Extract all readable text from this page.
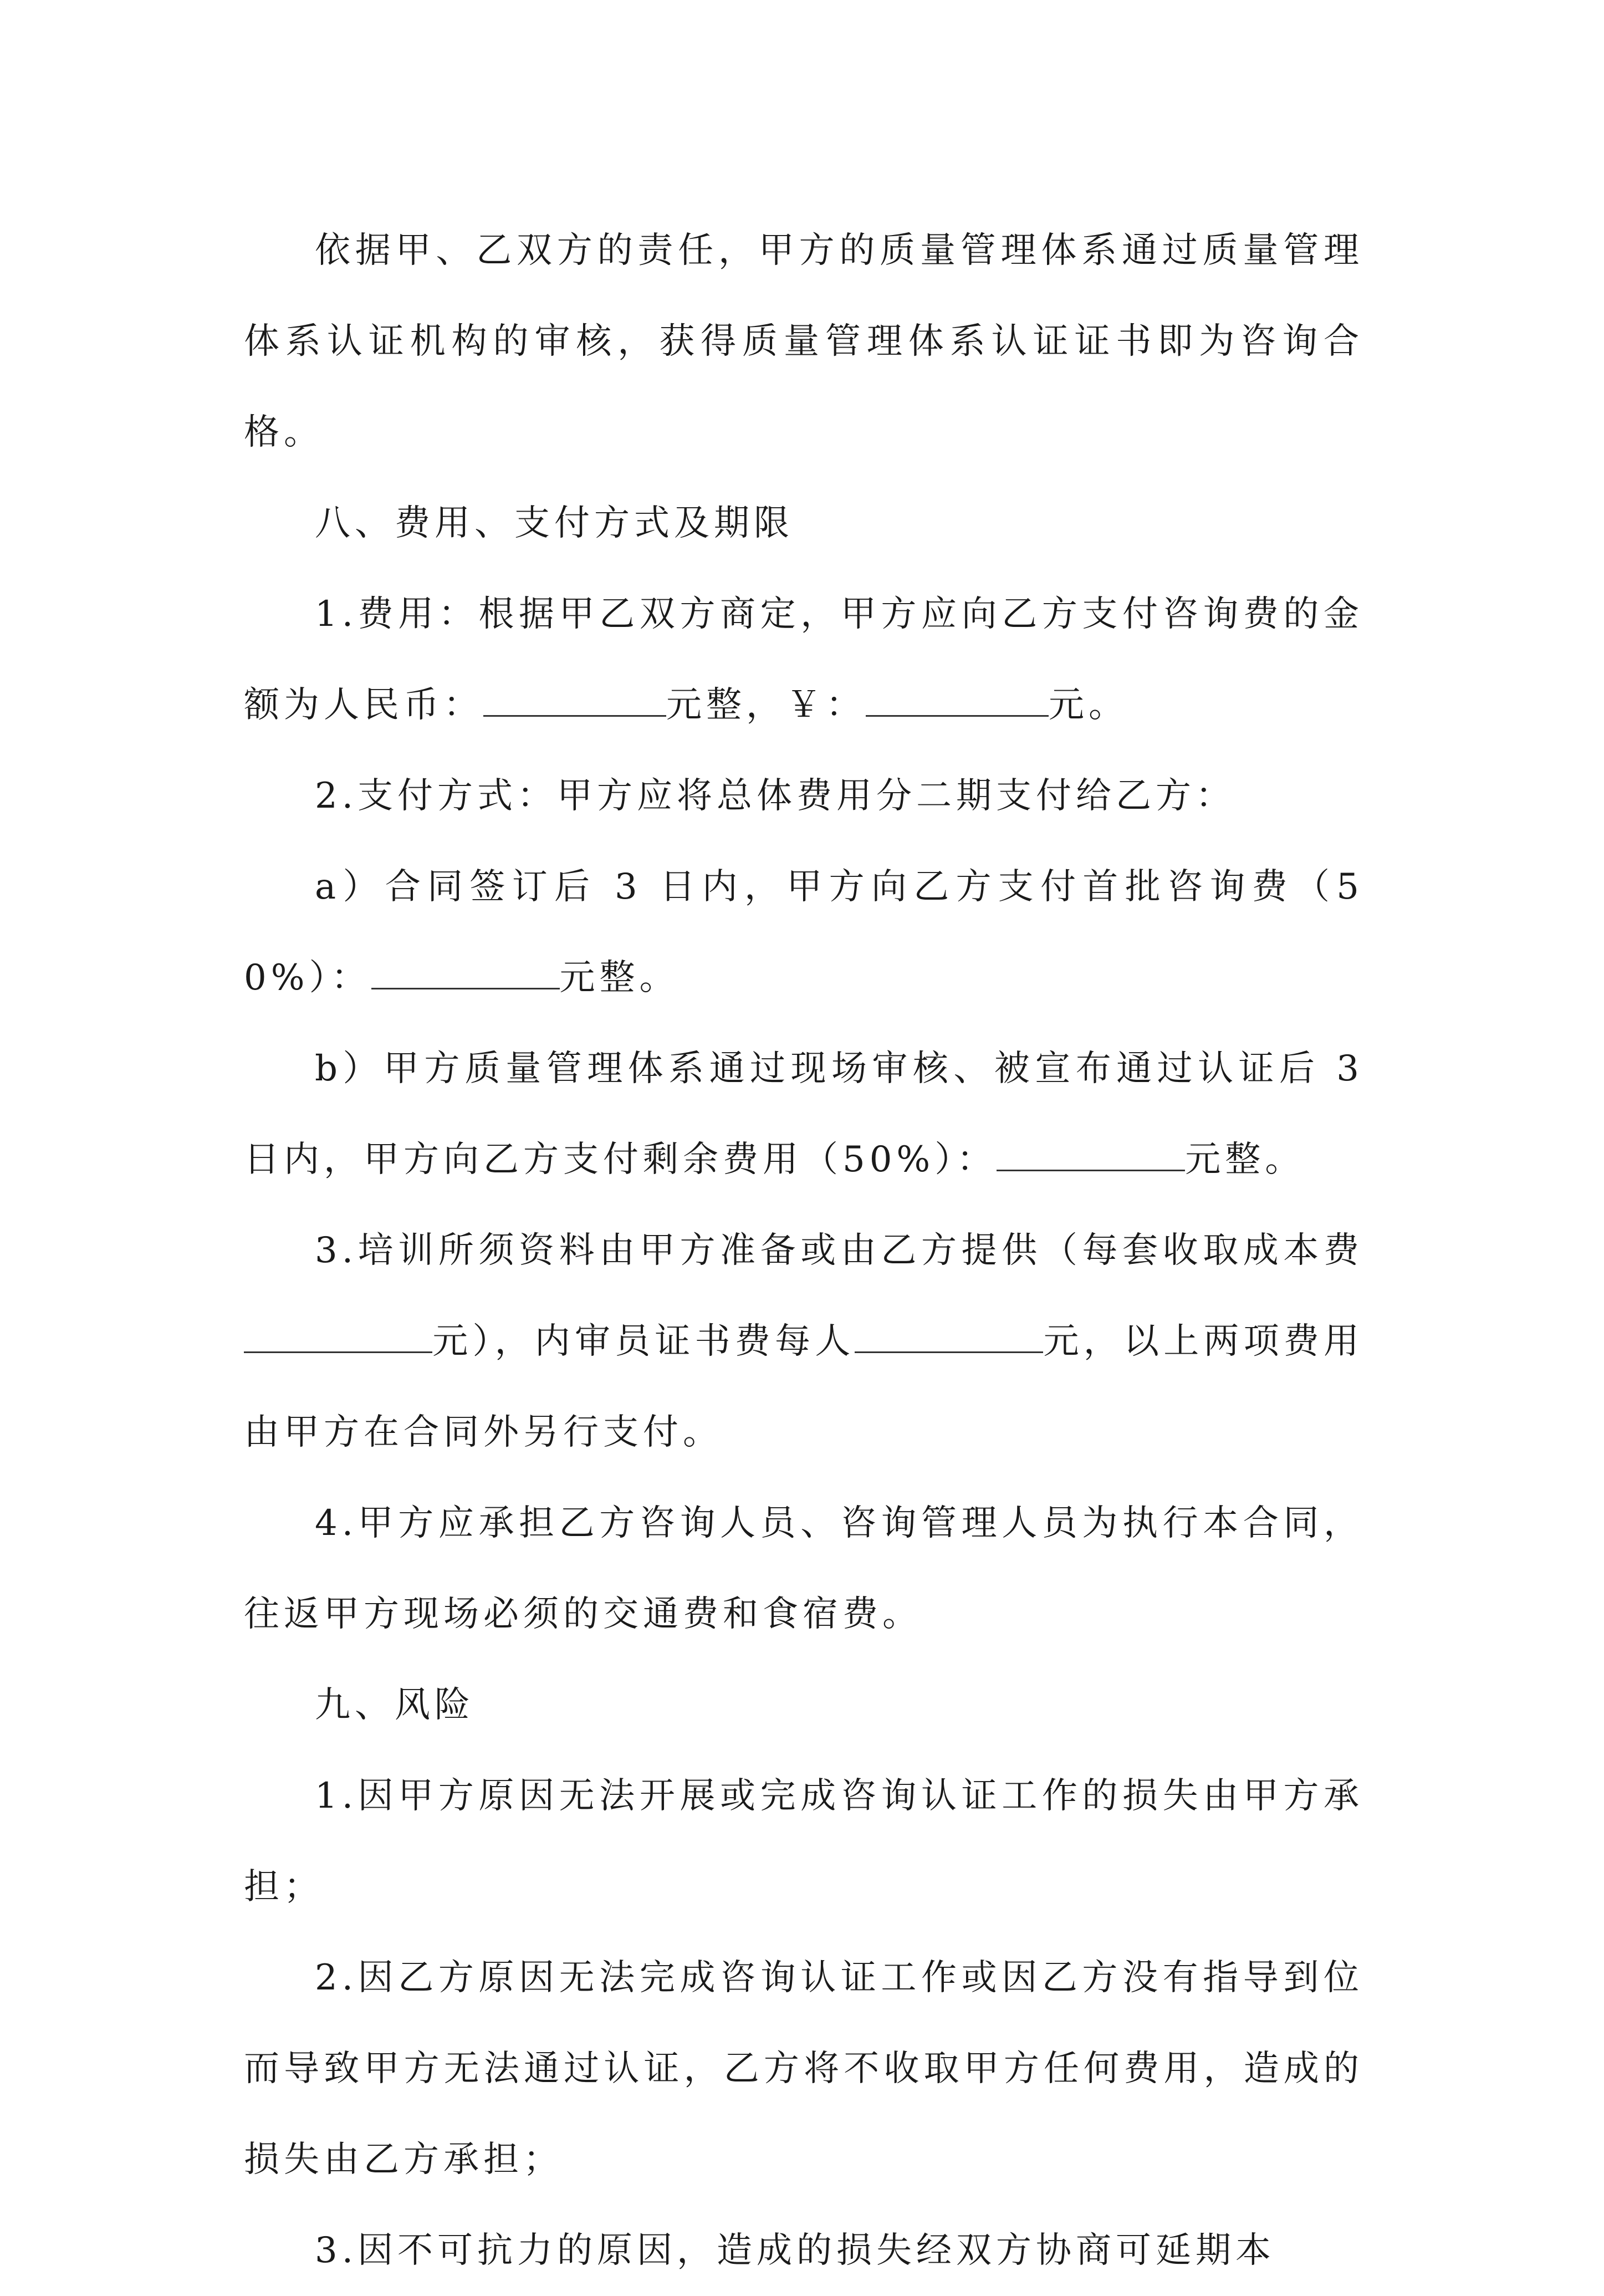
依据甲、乙双方的责任，甲方的质量管理体系通过质量管理体系认证机构的审核，获得质量管理体系认证证书即为咨询合格。

八、费用、支付方式及期限

1.费用：根据甲乙双方商定，甲方应向乙方支付咨询费的金额为人民币：	元整，￥：	元。

2.支付方式：甲方应将总体费用分二期支付给乙方：

a）合同签订后 3 日内，甲方向乙方支付首批咨询费（50%）：	元整。

b）甲方质量管理体系通过现场审核、被宣布通过认证后 3 日内，甲方向乙方支付剩余费用（50%）：	元整。

3.培训所须资料由甲方准备或由乙方提供（每套收取成本费元），内审员证书费每人	元，以上两项费用由甲方在合同外另行支付。

4.甲方应承担乙方咨询人员、咨询管理人员为执行本合同，往返甲方现场必须的交通费和食宿费。

九、风险

1.因甲方原因无法开展或完成咨询认证工作的损失由甲方承担；

2.因乙方原因无法完成咨询认证工作或因乙方没有指导到位而导致甲方无法通过认证，乙方将不收取甲方任何费用，造成的损失由乙方承担；

3.因不可抗力的原因，造成的损失经双方协商可延期本
